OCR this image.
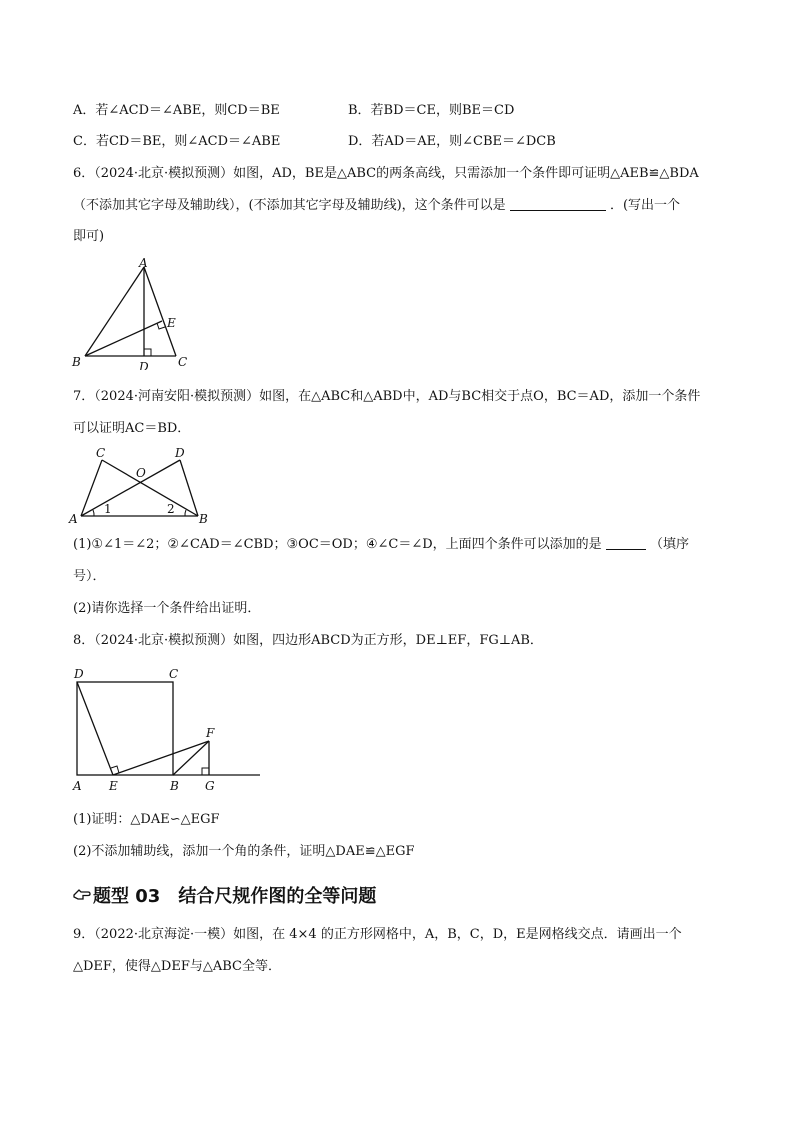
A．若∠ACD＝∠ABE，则CD＝BE	B．若BD＝CE，则BE＝CD
C．若CD＝BE，则∠ACD＝∠ABE	D．若AD＝AE，则∠CBE＝∠DCB
6．（2024·北京·模拟预测）如图，AD，BE是△ABC的两条高线，只需添加一个条件即可证明△AEB≌△BDA
（不添加其它字母及辅助线），(不添加其它字母及辅助线)，这个条件可以是	．(写出一个
即可)
A
B	C
D
E
7．（2024·河南安阳·模拟预测）如图，在△ABC和△ABD中，AD与BC相交于点O，BC＝AD，添加一个条件
可以证明AC＝BD．
C	D
O
A	B
1	2
(1)①∠1＝∠2；②∠CAD＝∠CBD；③OC＝OD；④∠C＝∠D，上面四个条件可以添加的是	（填序
号）．
(2)请你选择一个条件给出证明．
8．（2024·北京·模拟预测）如图，四边形ABCD为正方形，DE⊥EF，FG⊥AB．
D	C
A E	B G
F
(1)证明：△DAE∽△EGF
(2)不添加辅助线，添加一个角的条件，证明△DAE≌△EGF
题型 03　结合尺规作图的全等问题
9．（2022·北京海淀·一模）如图，在 4×4 的正方形网格中，A，B，C，D，E是网格线交点．请画出一个
△DEF，使得△DEF与△ABC全等．
